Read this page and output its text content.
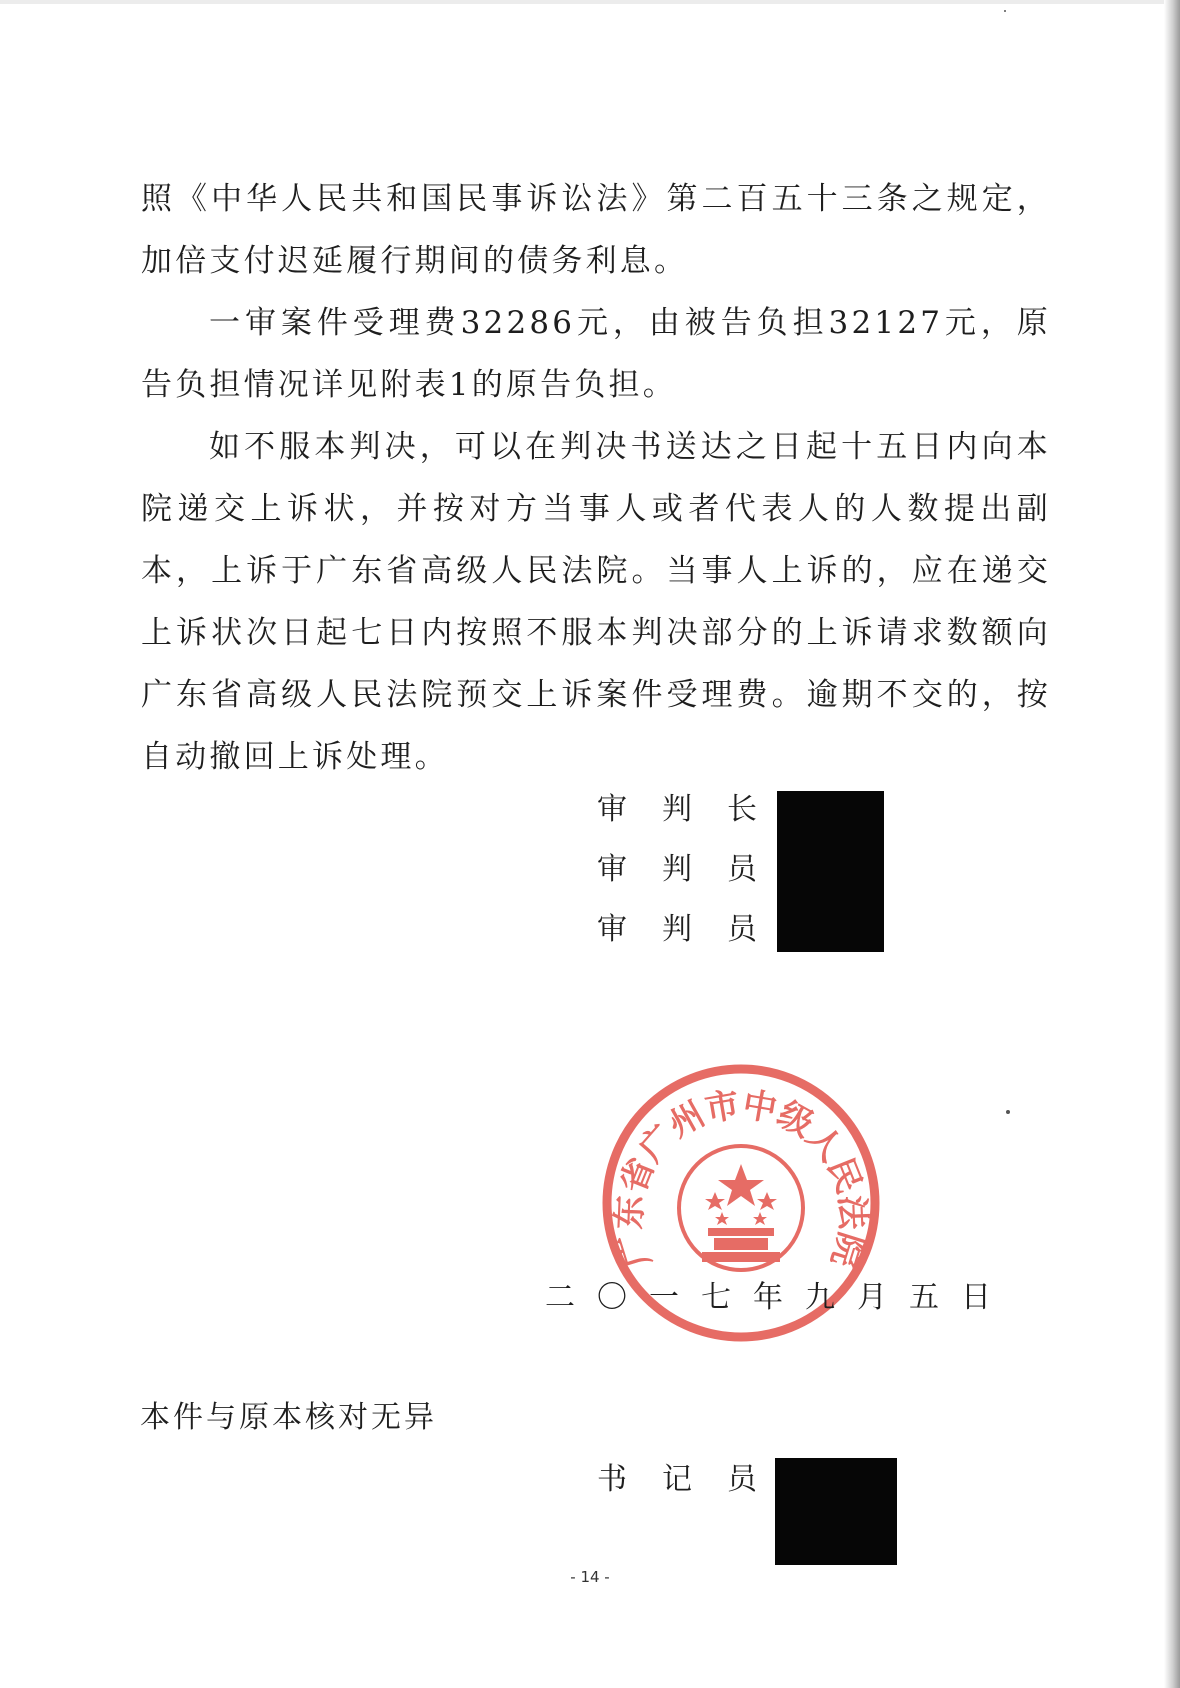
照《中华人民共和国民事诉讼法》第二百五十三条之规定，加倍支付迟延履行期间的债务利息。

一审案件受理费32286元，由被告负担32127元，原告负担情况详见附表1的原告负担。

如不服本判决，可以在判决书送达之日起十五日内向本院递交上诉状，并按对方当事人或者代表人的人数提出副本，上诉于广东省高级人民法院。当事人上诉的，应在递交上诉状次日起七日内按照不服本判决部分的上诉请求数额向广东省高级人民法院预交上诉案件受理费。逾期不交的，按自动撤回上诉处理。

审 判 长
审 判 员
审 判 员
广东省广州市中级人民法院
二〇一七年九月五日
本件与原本核对无异
书 记 员
- 14 -
